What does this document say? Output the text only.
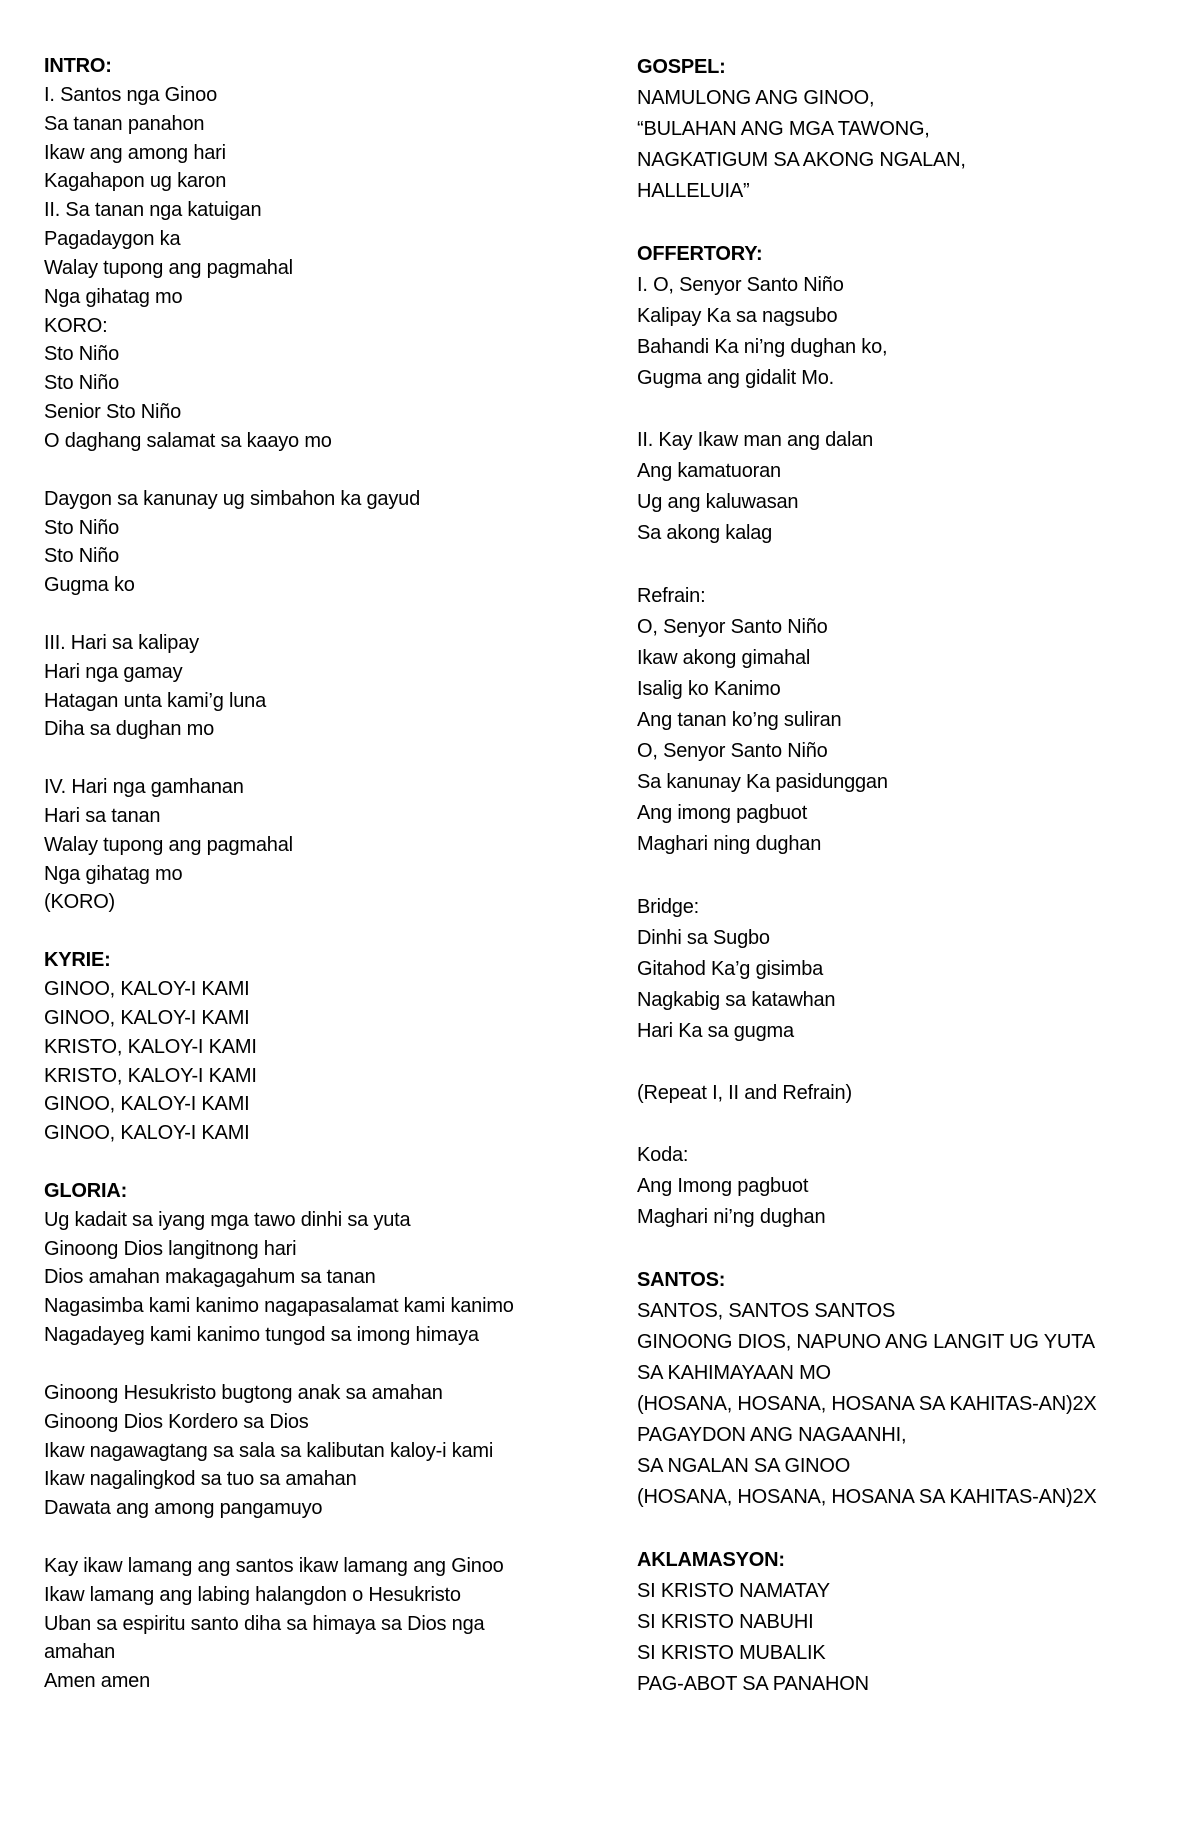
INTRO:
I. Santos nga Ginoo
Sa tanan panahon
Ikaw ang among hari
Kagahapon ug karon
II. Sa tanan nga katuigan
Pagadaygon ka
Walay tupong ang pagmahal
Nga gihatag mo
KORO:
Sto Niño
Sto Niño
Senior Sto Niño
O daghang salamat sa kaayo mo
Daygon sa kanunay ug simbahon ka gayud
Sto Niño
Sto Niño
Gugma ko
III. Hari sa kalipay
Hari nga gamay
Hatagan unta kami’g luna
Diha sa dughan mo
IV. Hari nga gamhanan
Hari sa tanan
Walay tupong ang pagmahal
Nga gihatag mo
(KORO)
KYRIE:
GINOO, KALOY-I KAMI
GINOO, KALOY-I KAMI
KRISTO, KALOY-I KAMI
KRISTO, KALOY-I KAMI
GINOO, KALOY-I KAMI
GINOO, KALOY-I KAMI
GLORIA:
Ug kadait sa iyang mga tawo dinhi sa yuta
Ginoong Dios langitnong hari
Dios amahan makagagahum sa tanan
Nagasimba kami kanimo nagapasalamat kami kanimo
Nagadayeg kami kanimo tungod sa imong himaya
Ginoong Hesukristo bugtong anak sa amahan
Ginoong Dios Kordero sa Dios
Ikaw nagawagtang sa sala sa kalibutan kaloy-i kami
Ikaw nagalingkod sa tuo sa amahan
Dawata ang among pangamuyo
Kay ikaw lamang ang santos ikaw lamang ang Ginoo
Ikaw lamang ang labing halangdon o Hesukristo
Uban sa espiritu santo diha sa himaya sa Dios nga
amahan
Amen amen
GOSPEL:
NAMULONG ANG GINOO,
“BULAHAN ANG MGA TAWONG,
NAGKATIGUM SA AKONG NGALAN,
HALLELUIA”
OFFERTORY:
I. O, Senyor Santo Niño
Kalipay Ka sa nagsubo
Bahandi Ka ni’ng dughan ko,
Gugma ang gidalit Mo.
II. Kay Ikaw man ang dalan
Ang kamatuoran
Ug ang kaluwasan
Sa akong kalag
Refrain:
O, Senyor Santo Niño
Ikaw akong gimahal
Isalig ko Kanimo
Ang tanan ko’ng suliran
O, Senyor Santo Niño
Sa kanunay Ka pasidunggan
Ang imong pagbuot
Maghari ning dughan
Bridge:
Dinhi sa Sugbo
Gitahod Ka’g gisimba
Nagkabig sa katawhan
Hari Ka sa gugma
(Repeat I, II and Refrain)
Koda:
Ang Imong pagbuot
Maghari ni’ng dughan
SANTOS:
SANTOS, SANTOS SANTOS
GINOONG DIOS, NAPUNO ANG LANGIT UG YUTA
SA KAHIMAYAAN MO
(HOSANA, HOSANA, HOSANA SA KAHITAS-AN)2X
PAGAYDON ANG NAGAANHI,
SA NGALAN SA GINOO
(HOSANA, HOSANA, HOSANA SA KAHITAS-AN)2X
AKLAMASYON:
SI KRISTO NAMATAY
SI KRISTO NABUHI
SI KRISTO MUBALIK
PAG-ABOT SA PANAHON
